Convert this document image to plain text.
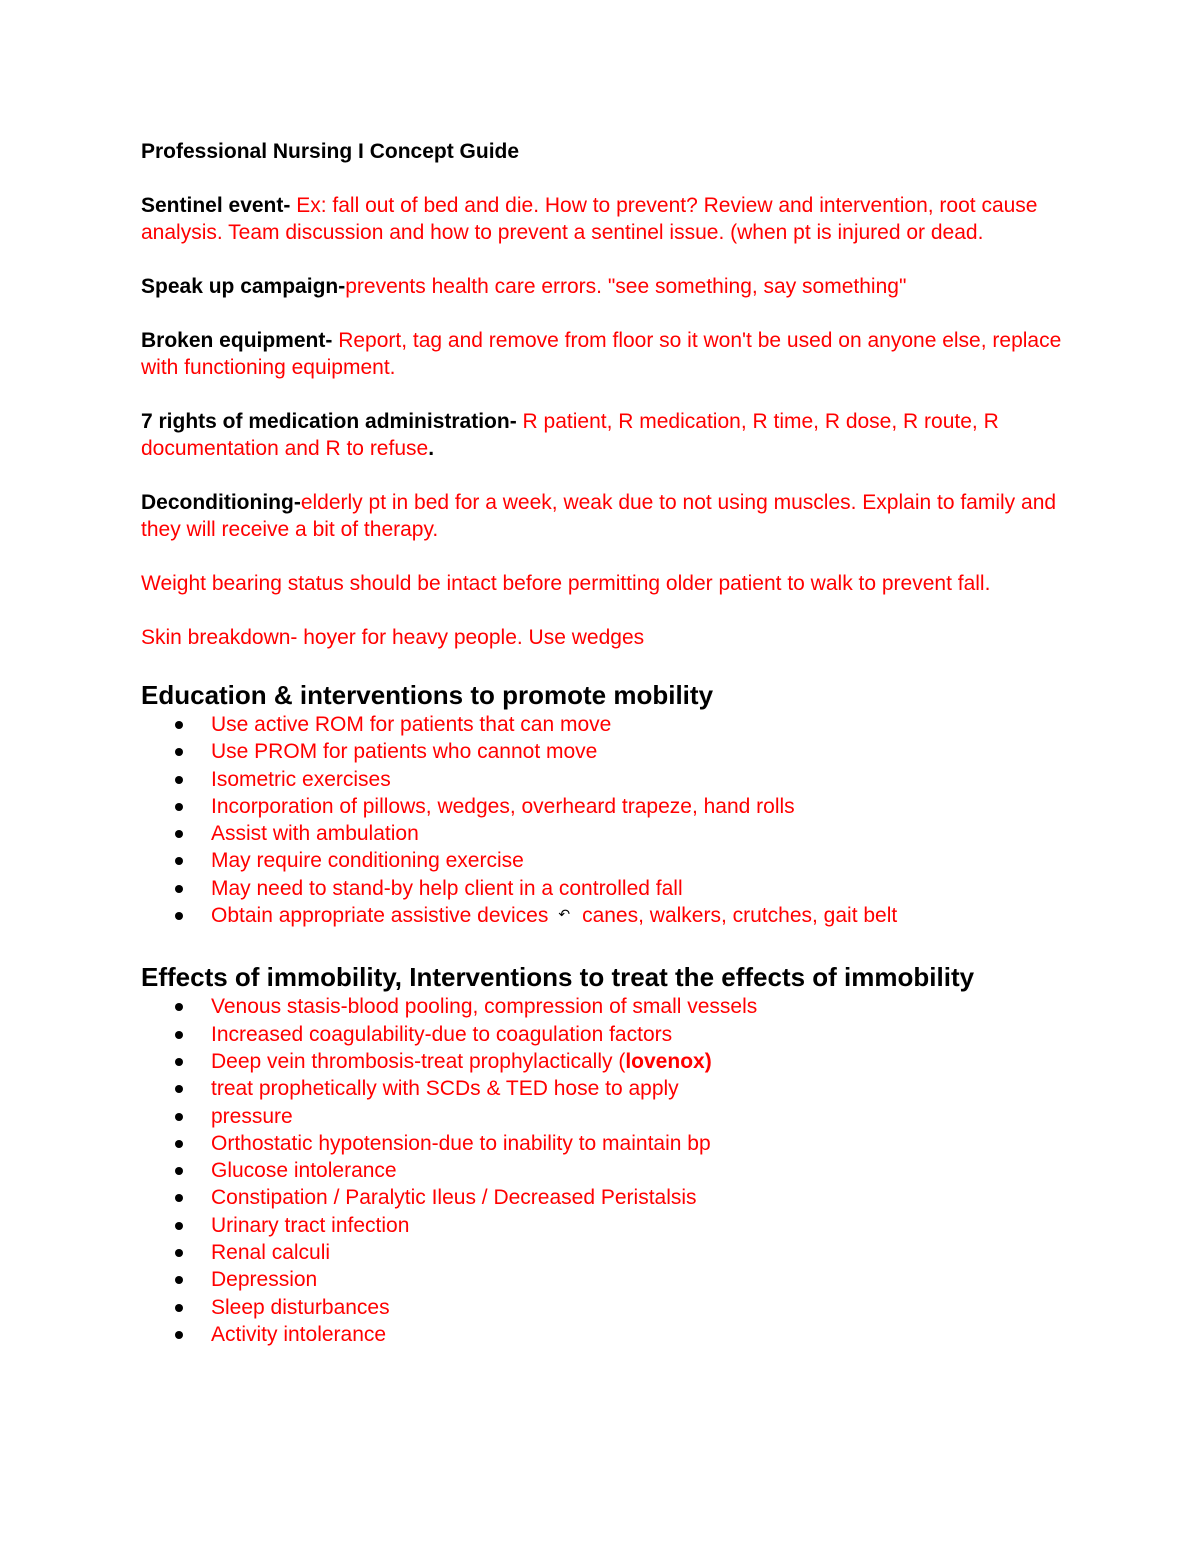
Professional Nursing I Concept Guide

Sentinel event- Ex: fall out of bed and die. How to prevent? Review and intervention, root cause analysis. Team discussion and how to prevent a sentinel issue. (when pt is injured or dead.

Speak up campaign-prevents health care errors. "see something, say something"

Broken equipment- Report, tag and remove from floor so it won't be used on anyone else, replace with functioning equipment.

7 rights of medication administration- R patient, R medication, R time, R dose, R route, R documentation and R to refuse.

Deconditioning-elderly pt in bed for a week, weak due to not using muscles. Explain to family and they will receive a bit of therapy.

Weight bearing status should be intact before permitting older patient to walk to prevent fall.

Skin breakdown- hoyer for heavy people. Use wedges

Education & interventions to promote mobility
Use active ROM for patients that can move
Use PROM for patients who cannot move
Isometric exercises
Incorporation of pillows, wedges, overheard trapeze, hand rolls
Assist with ambulation
May require conditioning exercise
May need to stand-by help client in a controlled fall
Obtain appropriate assistive devices ↶ canes, walkers, crutches, gait belt
Effects of immobility, Interventions to treat the effects of immobility
Venous stasis-blood pooling, compression of small vessels
Increased coagulability-due to coagulation factors
Deep vein thrombosis-treat prophylactically (lovenox)
treat prophetically with SCDs & TED hose to apply
pressure
Orthostatic hypotension-due to inability to maintain bp
Glucose intolerance
Constipation / Paralytic Ileus / Decreased Peristalsis
Urinary tract infection
Renal calculi
Depression
Sleep disturbances
Activity intolerance
